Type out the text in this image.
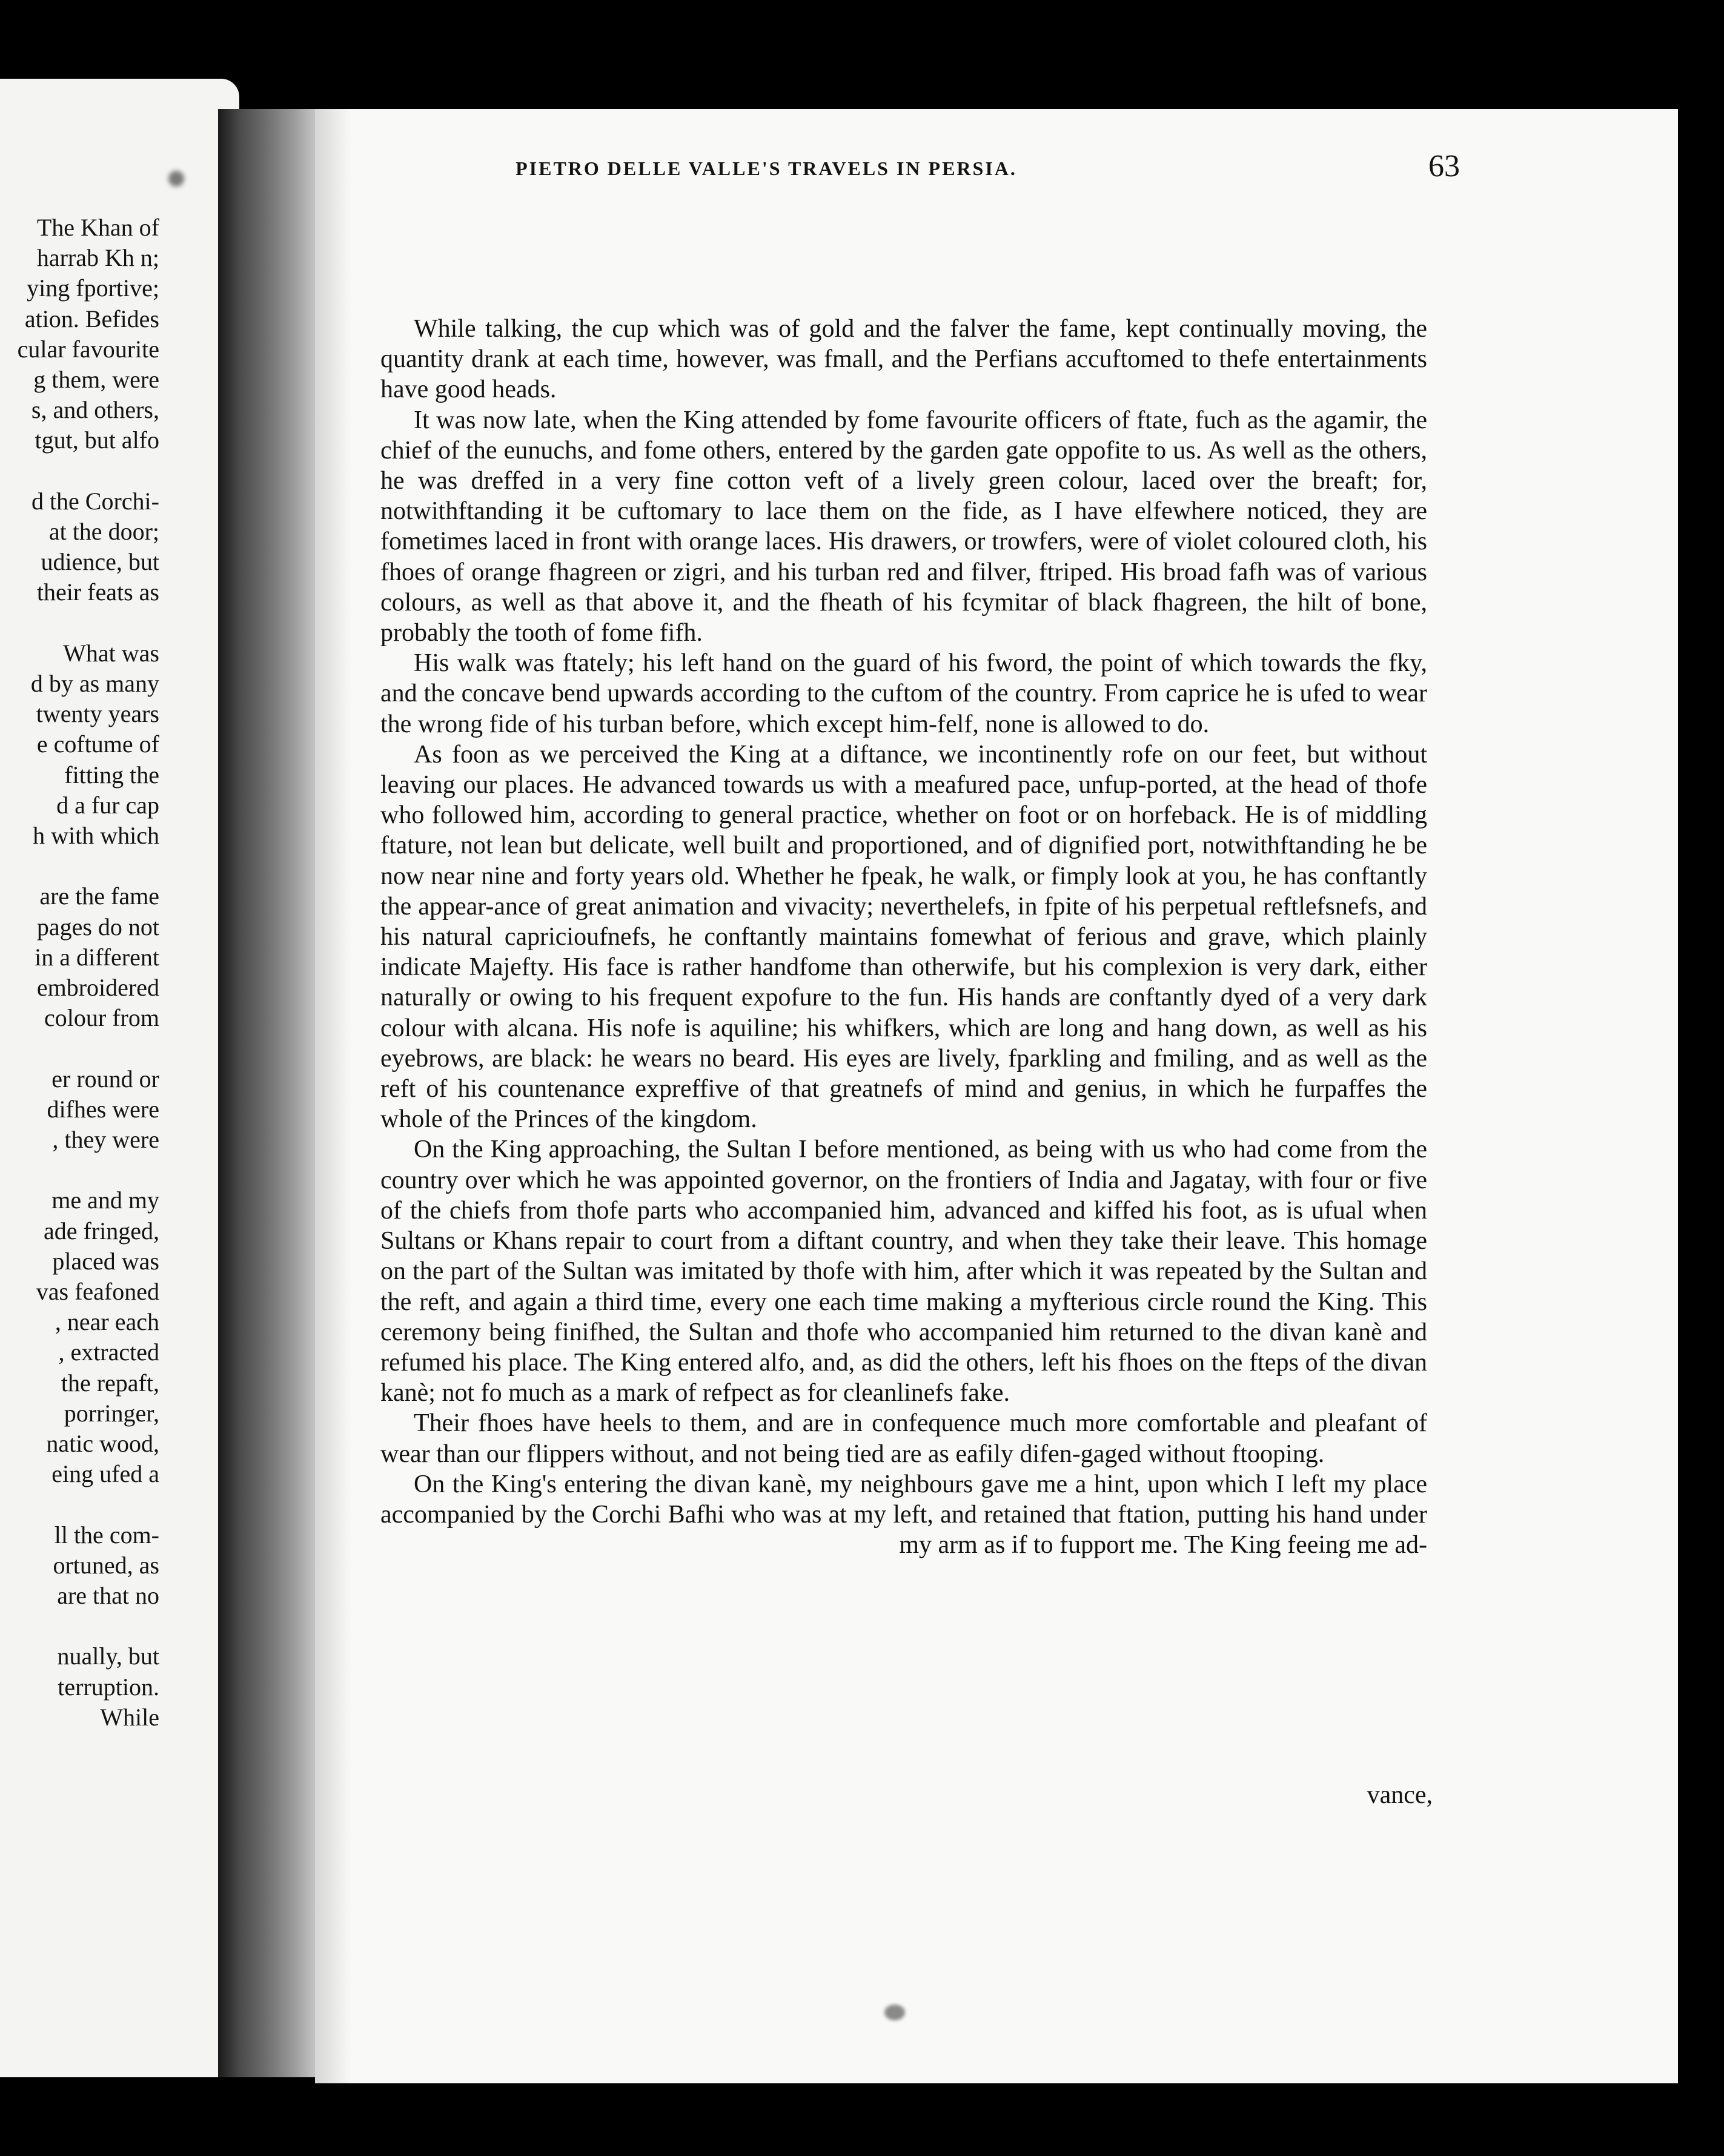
The Khan of
harrab Kh n;
ying fportive;
ation. Befides
cular favourite
g them, were
s, and others,
tgut, but alfo
d the Corchi-
at the door;
udience, but
their feats as
What was
d by as many
twenty years
e coftume of
fitting the
d a fur cap
h with which
are the fame
pages do not
in a different
embroidered
colour from
er round or
difhes were
, they were
me and my
ade fringed,
placed was
vas feafoned
, near each
, extracted
the repaft,
porringer,
natic wood,
eing ufed a
ll the com-
ortuned, as
are that no
nually, but
terruption.
While
PIETRO DELLE VALLE'S TRAVELS IN PERSIA.	63

While talking, the cup which was of gold and the falver the fame, kept continually moving, the quantity drank at each time, however, was fmall, and the Perfians accuftomed to thefe entertainments have good heads.

It was now late, when the King attended by fome favourite officers of ftate, fuch as the agamir, the chief of the eunuchs, and fome others, entered by the garden gate oppofite to us. As well as the others, he was dreffed in a very fine cotton veft of a lively green colour, laced over the breaft; for, notwithftanding it be cuftomary to lace them on the fide, as I have elfewhere noticed, they are fometimes laced in front with orange laces. His drawers, or trowfers, were of violet coloured cloth, his fhoes of orange fhagreen or zigri, and his turban red and filver, ftriped. His broad fafh was of various colours, as well as that above it, and the fheath of his fcymitar of black fhagreen, the hilt of bone, probably the tooth of fome fifh.

His walk was ftately; his left hand on the guard of his fword, the point of which towards the fky, and the concave bend upwards according to the cuftom of the country. From caprice he is ufed to wear the wrong fide of his turban before, which except him-felf, none is allowed to do.

As foon as we perceived the King at a diftance, we incontinently rofe on our feet, but without leaving our places. He advanced towards us with a meafured pace, unfup-ported, at the head of thofe who followed him, according to general practice, whether on foot or on horfeback. He is of middling ftature, not lean but delicate, well built and proportioned, and of dignified port, notwithftanding he be now near nine and forty years old. Whether he fpeak, he walk, or fimply look at you, he has conftantly the appear-ance of great animation and vivacity; neverthelefs, in fpite of his perpetual reftlefsnefs, and his natural capricioufnefs, he conftantly maintains fomewhat of ferious and grave, which plainly indicate Majefty. His face is rather handfome than otherwife, but his complexion is very dark, either naturally or owing to his frequent expofure to the fun. His hands are conftantly dyed of a very dark colour with alcana. His nofe is aquiline; his whifkers, which are long and hang down, as well as his eyebrows, are black: he wears no beard. His eyes are lively, fparkling and fmiling, and as well as the reft of his countenance expreffive of that greatnefs of mind and genius, in which he furpaffes the whole of the Princes of the kingdom.

On the King approaching, the Sultan I before mentioned, as being with us who had come from the country over which he was appointed governor, on the frontiers of India and Jagatay, with four or five of the chiefs from thofe parts who accompanied him, advanced and kiffed his foot, as is ufual when Sultans or Khans repair to court from a diftant country, and when they take their leave. This homage on the part of the Sultan was imitated by thofe with him, after which it was repeated by the Sultan and the reft, and again a third time, every one each time making a myfterious circle round the King. This ceremony being finifhed, the Sultan and thofe who accompanied him returned to the divan kanè and refumed his place. The King entered alfo, and, as did the others, left his fhoes on the fteps of the divan kanè; not fo much as a mark of refpect as for cleanlinefs fake.

Their fhoes have heels to them, and are in confequence much more comfortable and pleafant of wear than our flippers without, and not being tied are as eafily difen-gaged without ftooping.

On the King's entering the divan kanè, my neighbours gave me a hint, upon which I left my place accompanied by the Corchi Bafhi who was at my left, and retained that ftation, putting his hand under my arm as if to fupport me. The King feeing me ad-

vance,
